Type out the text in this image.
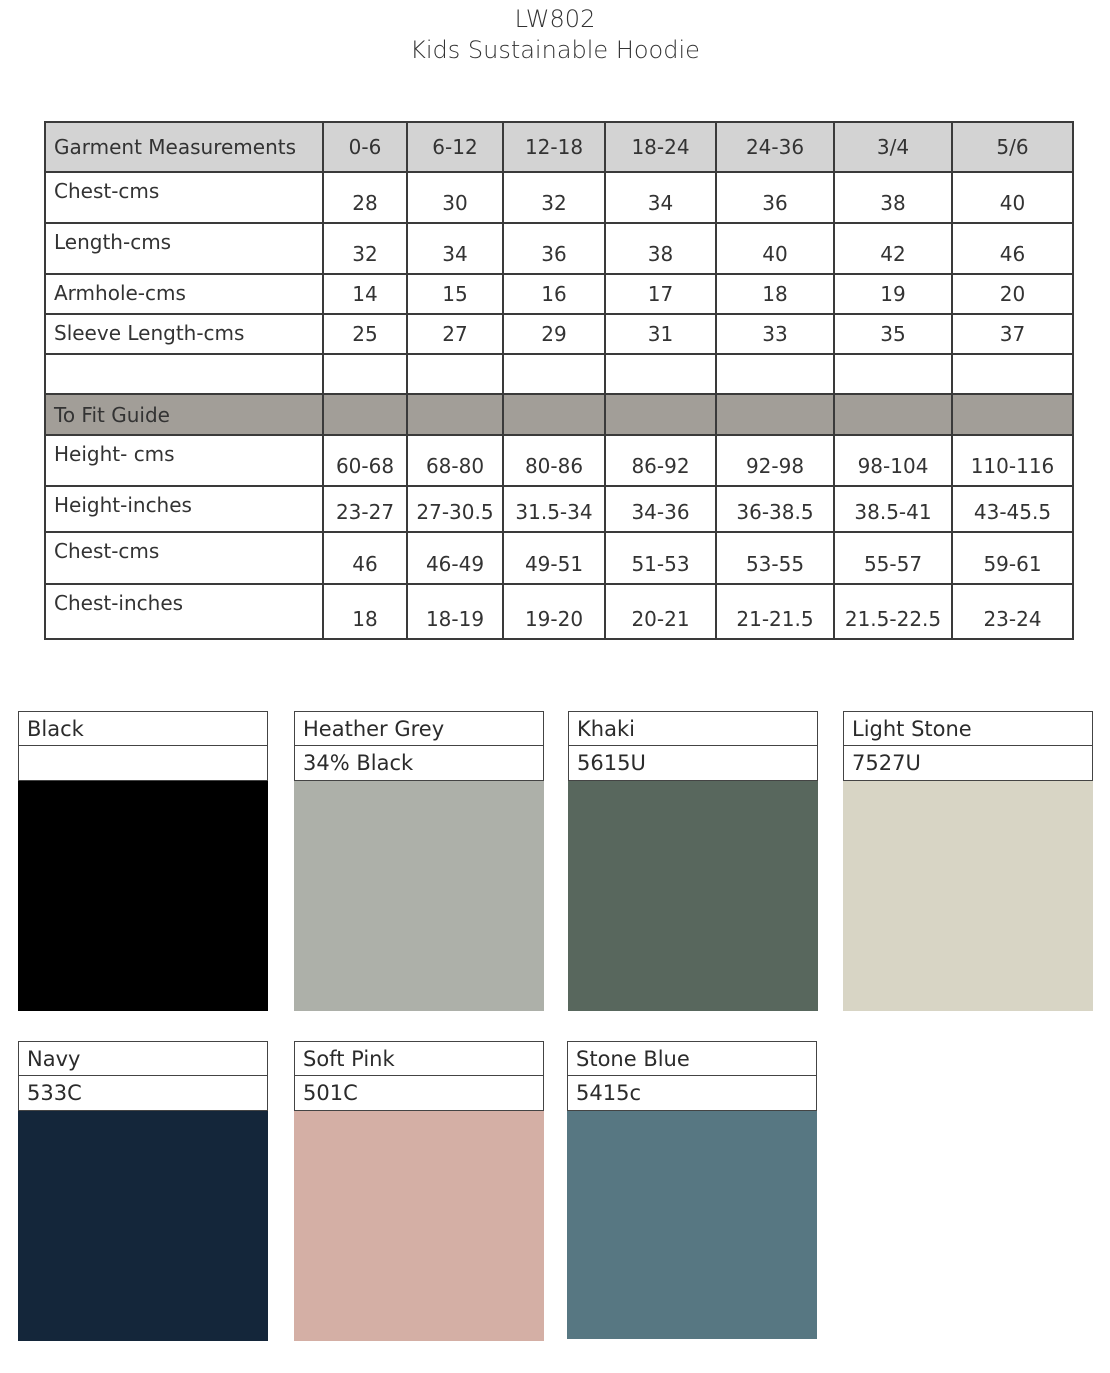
LW802
Kids Sustainable Hoodie
Garment Measurements	0-6	6-12	12-18	18-24	24-36	3/4	5/6
Chest-cms	28	30	32	34	36	38	40
Length-cms	32	34	36	38	40	42	46
Armhole-cms	14	15	16	17	18	19	20
Sleeve Length-cms	25	27	29	31	33	35	37

To Fit Guide							
Height- cms	60-68	68-80	80-86	86-92	92-98	98-104	110-116
Height-inches	23-27	27-30.5	31.5-34	34-36	36-38.5	38.5-41	43-45.5
Chest-cms	46	46-49	49-51	51-53	53-55	55-57	59-61
Chest-inches	18	18-19	19-20	20-21	21-21.5	21.5-22.5	23-24
Black	Heather Grey
34% Black
Khaki
5615U
Light Stone
7527U
Navy
533C
Soft Pink
501C
Stone Blue
5415c
